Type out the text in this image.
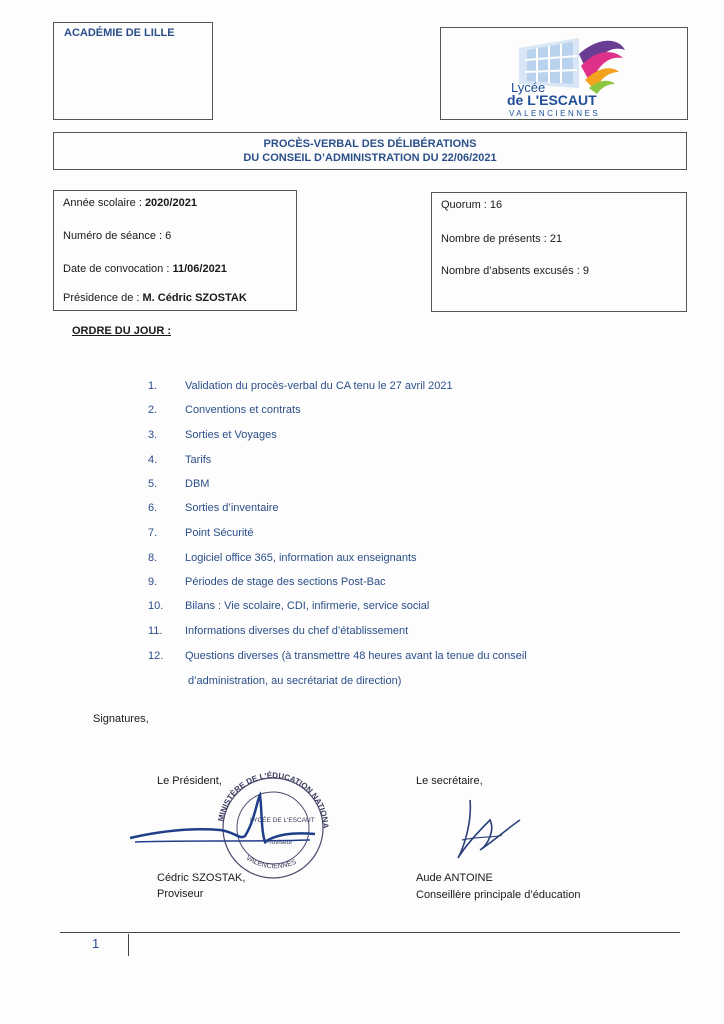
ACADÉMIE DE LILLE
Lycée
de L'ESCAUT
VALENCIENNES
PROCÈS-VERBAL DES DÉLIBÉRATIONS
DU CONSEIL D’ADMINISTRATION DU 22/06/2021
Année scolaire : 2020/2021
Numéro de séance : 6
Date de convocation : 11/06/2021
Présidence de : M. Cédric SZOSTAK
Quorum : 16
Nombre de présents : 21
Nombre d’absents excusés : 9
ORDRE DU JOUR :
1.	Validation du procès-verbal du CA tenu le 27 avril 2021
2.	Conventions et contrats
3.	Sorties et Voyages
4.	Tarifs
5.	DBM
6.	Sorties d’inventaire
7.	Point Sécurité
8.	Logiciel office 365, information aux enseignants
9.	Périodes de stage des sections Post-Bac
10.	Bilans : Vie scolaire, CDI, infirmerie, service social
11.	Informations diverses du chef d’établissement
12.	Questions diverses (à transmettre 48 heures avant la tenue du conseil
d’administration, au secrétariat de direction)
Signatures,
Le Président,
Cédric SZOSTAK,
Proviseur
Le secrétaire,
Aude ANTOINE
Conseillère principale d’éducation
MINISTÈRE DE L'ÉDUCATION NATIONA
VALENCIENNES
LYCÉE DE L'ESCAUT
Proviseur
1
